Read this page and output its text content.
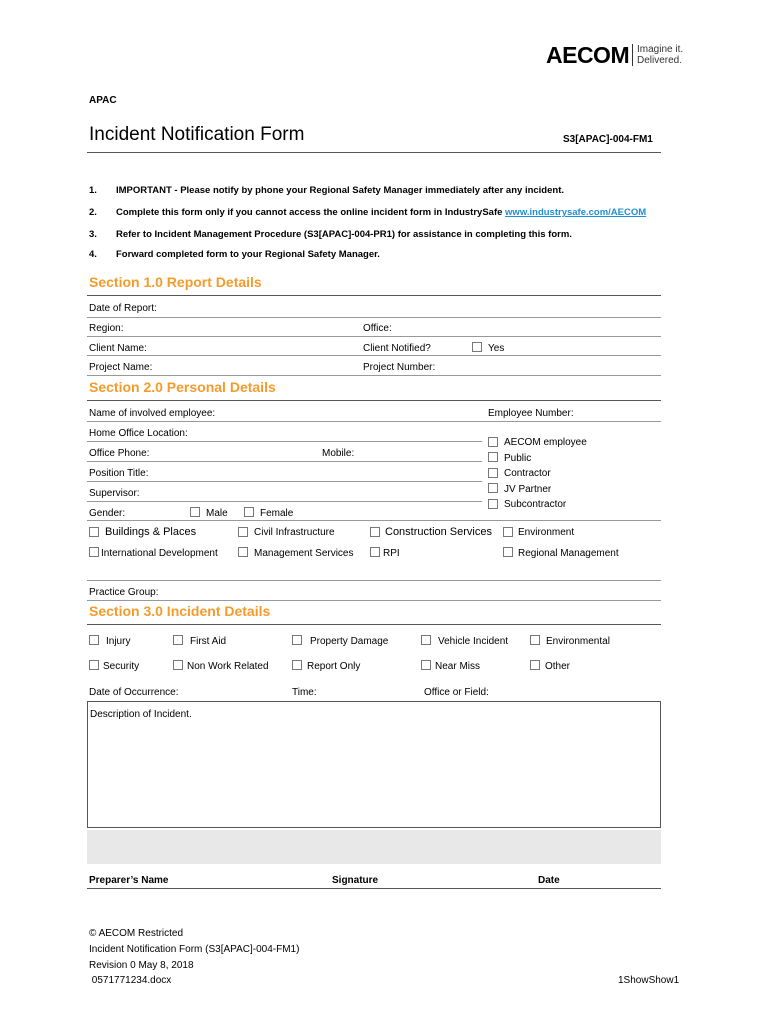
AECOM Imagine it.
Delivered.
APAC
Incident Notification Form	S3[APAC]-004-FM1
1. IMPORTANT - Please notify by phone your Regional Safety Manager immediately after any incident.
2. Complete this form only if you cannot access the online incident form in IndustrySafe www.industrysafe.com/AECOM
3. Refer to Incident Management Procedure (S3[APAC]-004-PR1) for assistance in completing this form.
4. Forward completed form to your Regional Safety Manager.
Section 1.0 Report Details
Date of Report:
Region:	Office:
Client Name:	Client Notified?	Yes
Project Name:	Project Number:
Section 2.0 Personal Details
Name of involved employee:	Employee Number:
Home Office Location:
Office Phone:	Mobile:
Position Title:
Supervisor:
Gender:	Male	Female
AECOM employee
Public
Contractor
JV Partner
Subcontractor
Buildings & Places	Civil Infrastructure	Construction Services	Environment
International Development	Management Services	RPI	Regional Management
Practice Group:
Section 3.0 Incident Details
Injury	First Aid	Property Damage	Vehicle Incident	Environmental
Security	Non Work Related	Report Only	Near Miss	Other
Date of Occurrence:	Time:	Office or Field:
Description of Incident.
Preparer’s Name	Signature	Date
© AECOM Restricted
Incident Notification Form (S3[APAC]-004-FM1)
Revision 0 May 8, 2018
0571771234.docx	1ShowShow1
